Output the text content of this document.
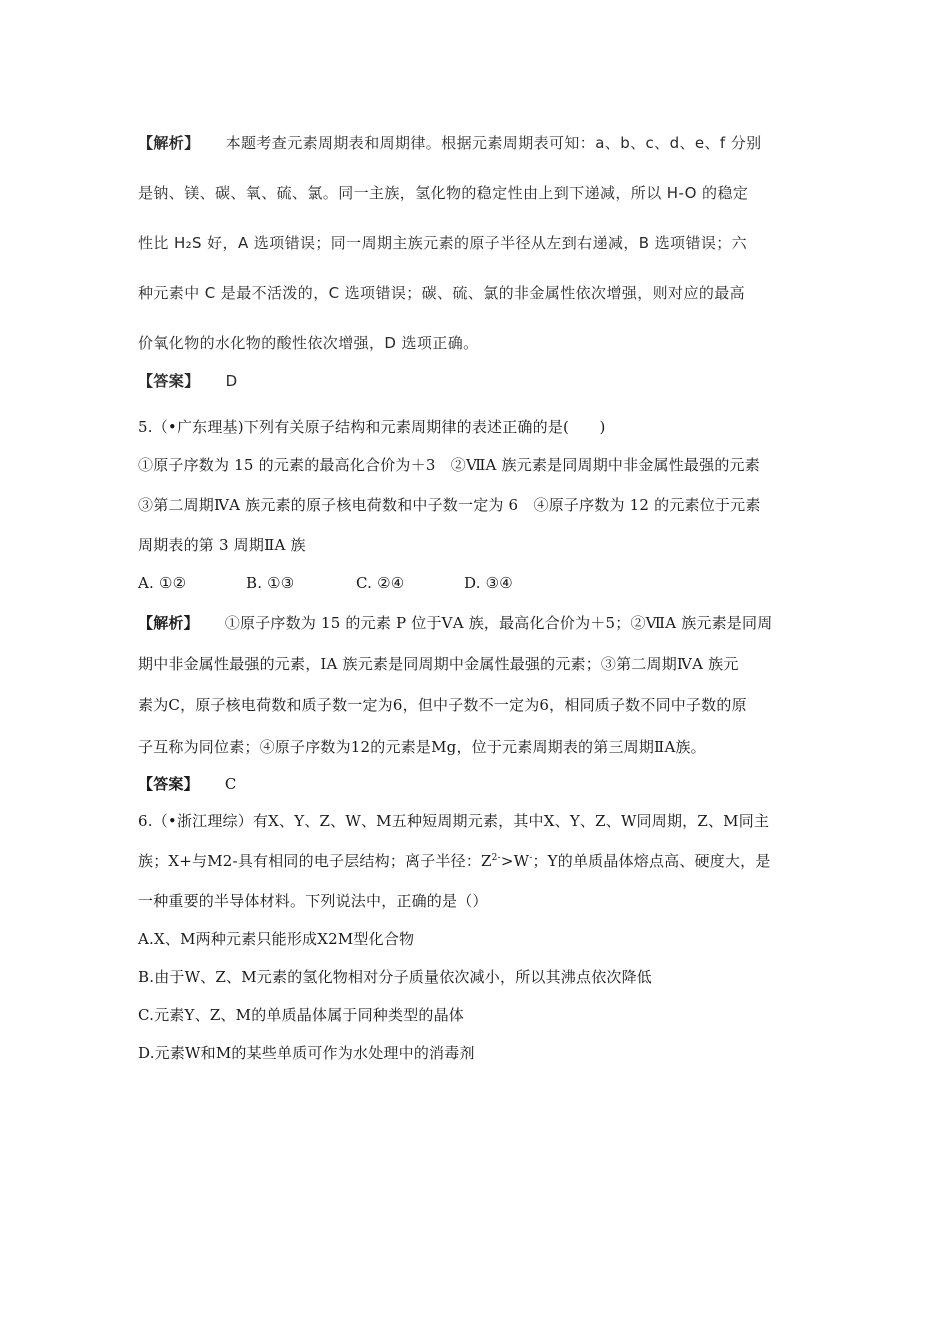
【解析】 本题考查元素周期表和周期律。根据元素周期表可知：a、b、c、d、e、f 分别
是钠、镁、碳、氧、硫、氯。同一主族，氢化物的稳定性由上到下递减，所以 H-O 的稳定
性比 H₂S 好，A 选项错误；同一周期主族元素的原子半径从左到右递减，B 选项错误；六
种元素中 C 是最不活泼的，C 选项错误；碳、硫、氯的非金属性依次增强，则对应的最高
价氧化物的水化物的酸性依次增强，D 选项正确。
【答案】 D
5.（•广东理基)下列有关原子结构和元素周期律的表述正确的是(　　)
①原子序数为 15 的元素的最高化合价为＋3　②ⅦA 族元素是同周期中非金属性最强的元素
③第二周期ⅣA 族元素的原子核电荷数和中子数一定为 6　④原子序数为 12 的元素位于元素
周期表的第 3 周期ⅡA 族
A. ①②	B. ①③	C. ②④	D. ③④
【解析】 ①原子序数为 15 的元素 P 位于ⅤA 族，最高化合价为＋5；②ⅦA 族元素是同周
期中非金属性最强的元素，ⅠA 族元素是同周期中金属性最强的元素；③第二周期ⅣA 族元
素为C，原子核电荷数和质子数一定为6，但中子数不一定为6，相同质子数不同中子数的原
子互称为同位素；④原子序数为12的元素是Mg，位于元素周期表的第三周期ⅡA族。
【答案】 C
6.（•浙江理综）有X、Y、Z、W、M五种短周期元素，其中X、Y、Z、W同周期，Z、M同主
族；X+与M2-具有相同的电子层结构；离子半径：$Z^{2-}>W^-$；Y的单质晶体熔点高、硬度大，是
一种重要的半导体材料。下列说法中，正确的是（）
A.X、M两种元素只能形成X2M型化合物
B.由于W、Z、M元素的氢化物相对分子质量依次减小，所以其沸点依次降低
C.元素Y、Z、M的单质晶体属于同种类型的晶体
D.元素W和M的某些单质可作为水处理中的消毒剂
